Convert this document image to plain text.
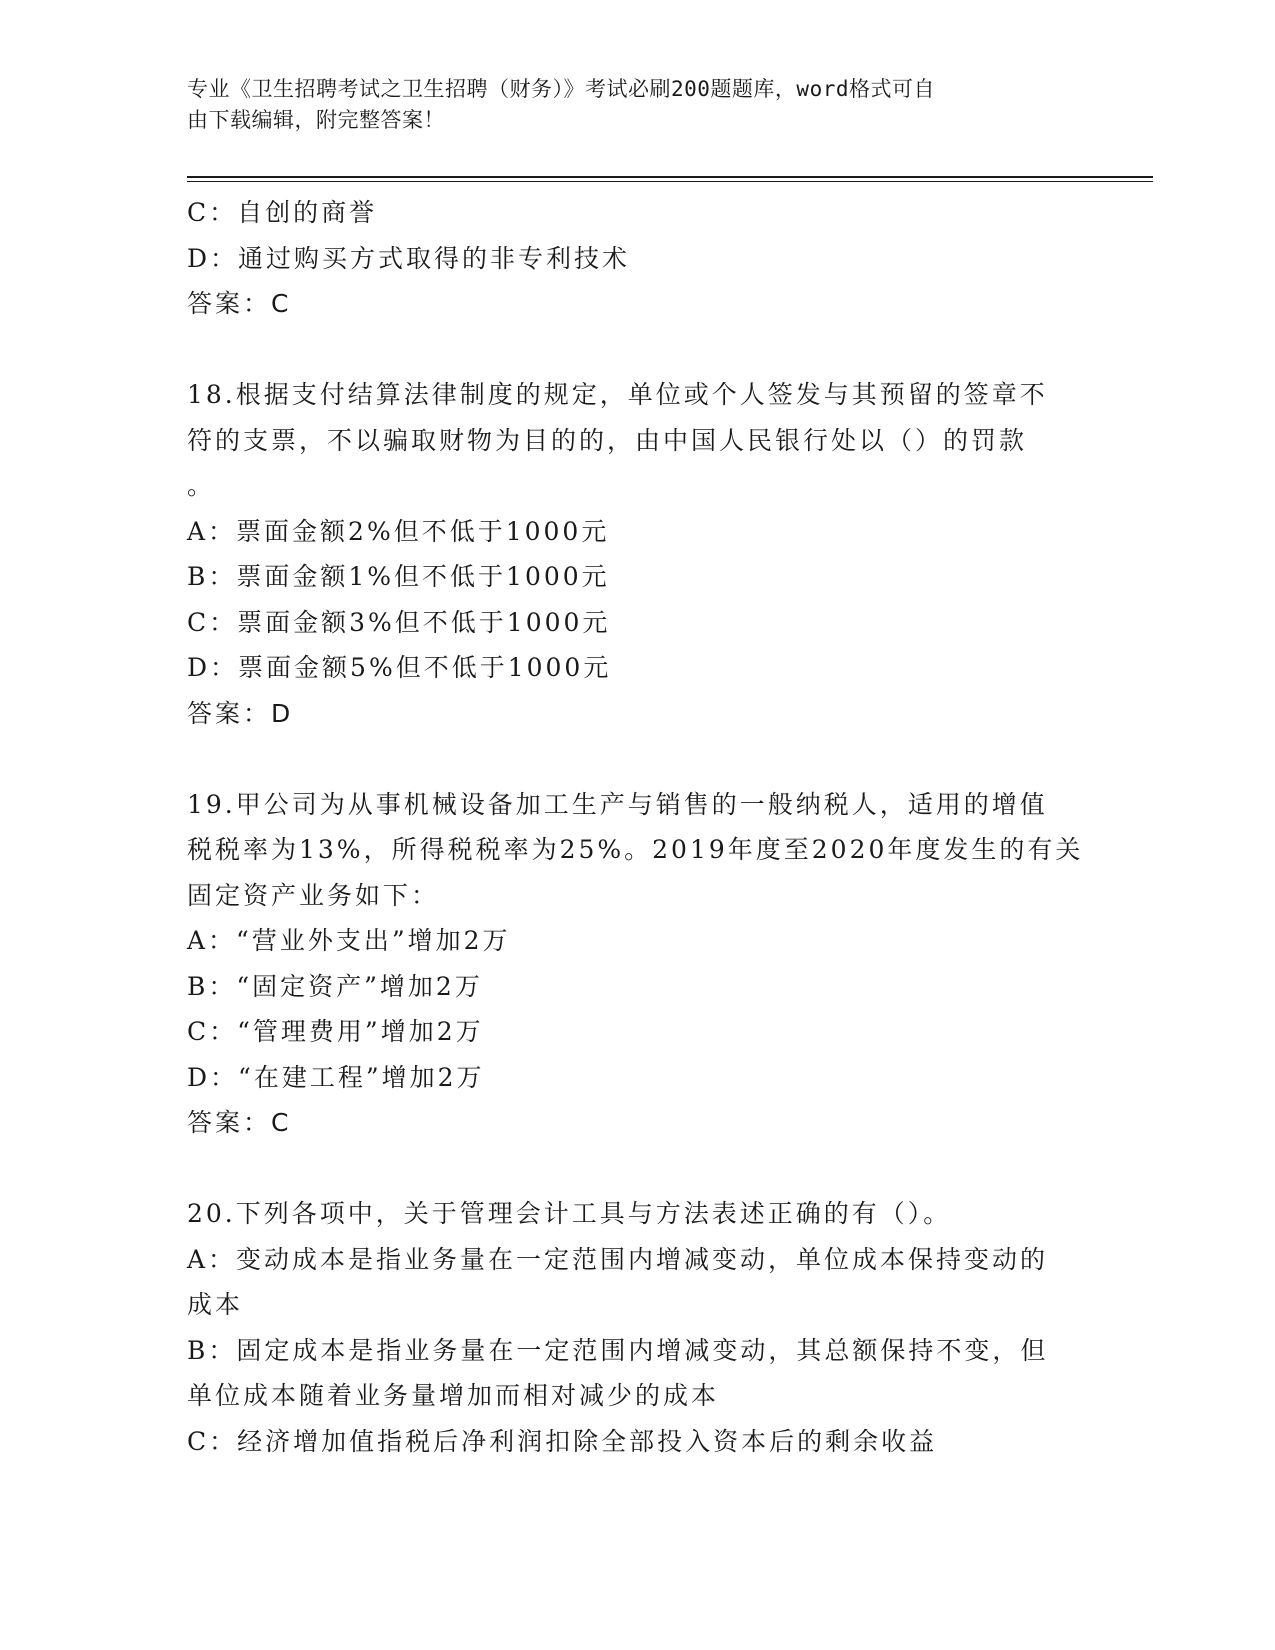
专业《卫生招聘考试之卫生招聘（财务）》考试必刷200题题库，word格式可自
由下载编辑，附完整答案！
C：自创的商誉
D：通过购买方式取得的非专利技术
答案：C
18.根据支付结算法律制度的规定，单位或个人签发与其预留的签章不
符的支票，不以骗取财物为目的的，由中国人民银行处以（）的罚款
。
A：票面金额2%但不低于1000元
B：票面金额1%但不低于1000元
C：票面金额3%但不低于1000元
D：票面金额5%但不低于1000元
答案：D
19.甲公司为从事机械设备加工生产与销售的一般纳税人，适用的增值
税税率为13%，所得税税率为25%。2019年度至2020年度发生的有关
固定资产业务如下：
A：“营业外支出”增加2万
B：“固定资产”增加2万
C：“管理费用”增加2万
D：“在建工程”增加2万
答案：C
20.下列各项中，关于管理会计工具与方法表述正确的有（）。
A：变动成本是指业务量在一定范围内增减变动，单位成本保持变动的
成本
B：固定成本是指业务量在一定范围内增减变动，其总额保持不变，但
单位成本随着业务量增加而相对减少的成本
C：经济增加值指税后净利润扣除全部投入资本后的剩余收益
